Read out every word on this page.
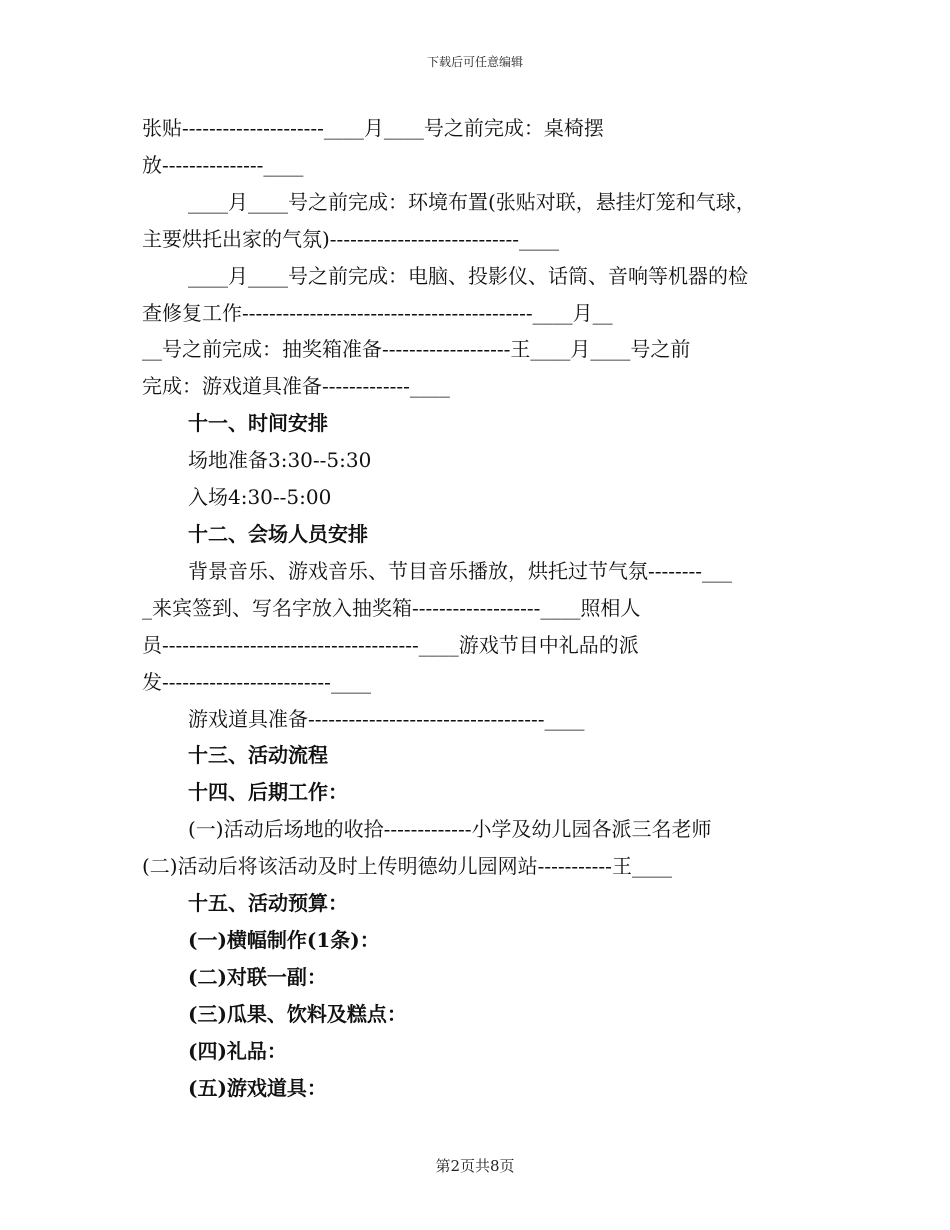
下载后可任意编辑

张贴---------------------____月____号之前完成：桌椅摆

放---------------____

____月____号之前完成：环境布置(张贴对联，悬挂灯笼和气球，

主要烘托出家的气氛)----------------------------____

____月____号之前完成：电脑、投影仪、话筒、音响等机器的检

查修复工作-------------------------------------------____月__

__号之前完成：抽奖箱准备-------------------王____月____号之前

完成：游戏道具准备-------------____

十一、时间安排

场地准备3:30--5:30

入场4:30--5:00

十二、会场人员安排

背景音乐、游戏音乐、节目音乐播放，烘托过节气氛--------___

_来宾签到、写名字放入抽奖箱-------------------____照相人

员--------------------------------------____游戏节目中礼品的派

发-------------------------____

游戏道具准备-----------------------------------____

十三、活动流程

十四、后期工作：

(一)活动后场地的收拾-------------小学及幼儿园各派三名老师

(二)活动后将该活动及时上传明德幼儿园网站-----------王____

十五、活动预算：

(一)横幅制作(1条)：

(二)对联一副：

(三)瓜果、饮料及糕点：

(四)礼品：

(五)游戏道具：

第2页共8页
